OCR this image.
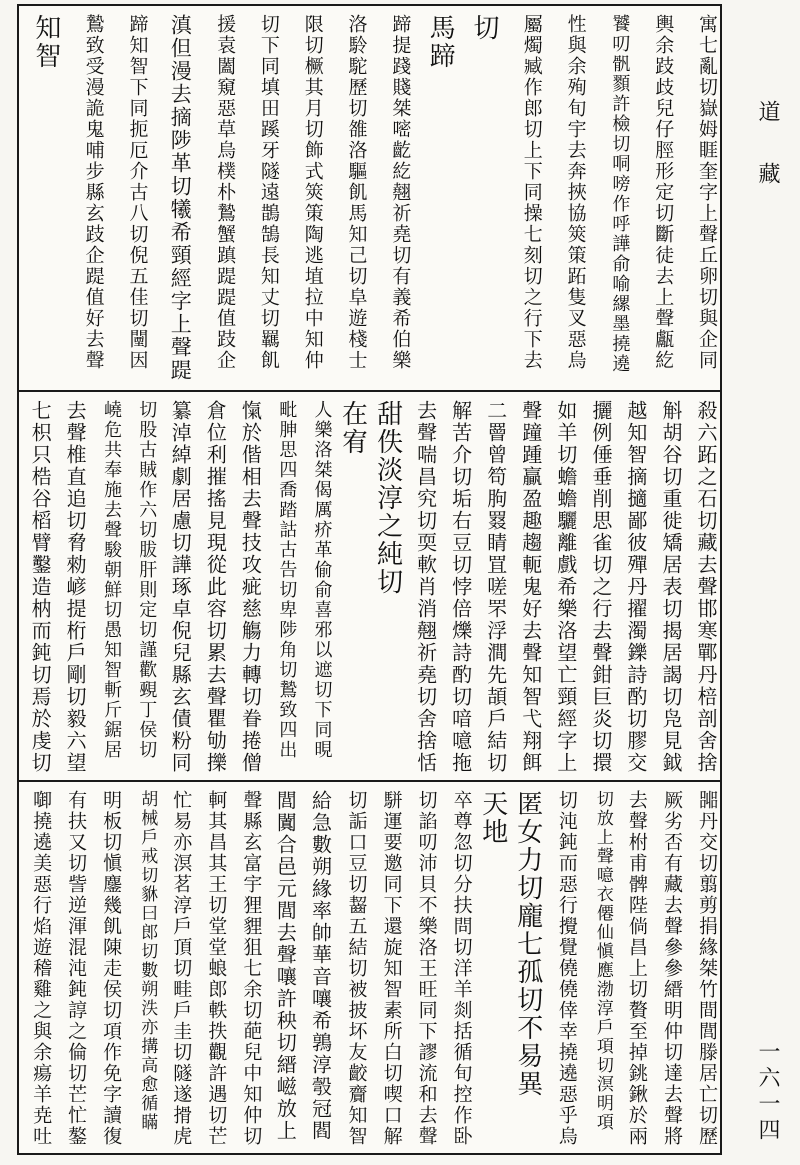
寓七亂切嶽姆睚奎字上聲丘卵切與企同
輿余跂歧兒仔脛形定切斷徒去上聲甗紇
饕叨骪顟許檢切哃嗙作呼譁俞喻縲墨撓遶
性與余殉旬宇去奔挾協筴策跖隻叉惡烏
屬燭臧作郎切上下同操七刻切之行下去
切
馬蹄
蹄提踐賤桀嘧齕紇翹祈堯切有義希伯樂
洛駖駝歷切雒洛驅飢馬知己切阜遊棧士
限切橛其月切飾式筴策陶逃埴拉中知仲
切下同填田蹊牙隧遠鵲鵠長知丈切羈飢
援袁闔窺惡草烏樸朴鷙蟹蹎踶踶值跂企
滇但漫去摘陟革切犧希頸經字上聲踶
蹄知智下同扼厄介古八切倪五佳切闉因
鷙致受漫詭鬼哺步縣玄跂企踶值好去聲
知智
殺六跖之石切藏去聲邯寒鄲丹棓剖舍捨
斛胡谷切重徙矯居表切揭居謁切凫見鉞
越知智摘擿鄙彼殫丹擢濁鑠詩酌切膠交
攦例倕垂削思雀切之行去聲鉗巨炎切擐
如羊切蟾蟾驪離戲希樂洛望亡頸經字上
聲蹱踵贏盈趣趨軛鬼好去聲知智弋翔餌
二罾曾笱朐罬睛罝嗟罘浮澗先頡戶結切
解苦介切垢右豆切悖倍爍詩酌切喑噫拖
去聲喘昌究切耎軟肖消翹祈堯切舍捨恬
甜佚淡淳之純切
在宥
人樂洛桀偈厲疥革偷俞喜邪以遮切下同晛
毗胂思四喬踏詁古告切卑陟角切鷙致四出
愾於偕相去聲技攻疵慈觴力轉切眷捲僧
倉位利摧搖見現從此容切累去聲瞿劬擽
纂淖綽劇居慮切譁琢卓倪兒縣玄債粉同
切股古賊作六切胈肝則定切謹歡覡丁侯切
嶢危共奉施去聲駿朝鮮切愚知智斬斤鋸居
去聲椎直追切脅勑嵃提桁戶剛切毅六望
七枳只梏谷槄臂鑿造枘而鈍切焉於虔切
嘂丹交切翦剪捐緣桀竹間閭滕居亡切歷
厥劣否有藏去聲參參縉明仲切達去聲將
去聲柎甫髀陛倘昌上切贅至掉銚鍬於兩
切放上聲噫衣僊仙愼應渤淳戶項切溟明項
切沌鈍而惡行攪覺僥僥倖幸撓遶惡乎烏
匿女力切龐七孤切不易異
天地
卒尊忽切分扶問切洋羊剡括循旬控作卧
切諂叨沛貝不樂洛王旺同下謬流和去聲
駢運要邀同下還旋知智素所白切喫口解
切詬口豆切齧五結切被披坏友齩齎知智
給急數朔緣率帥華音嚷希鶉淳彀冠閻
閭闐合邑元閭去聲嚷許秧切縉嵫放上
聲縣玄富宇狸貍狙七余切葩兒中知仲切
軻其昌其王切堂堂蜋郎軼抶觀許遇切芒
忙易亦溟茗淳戶頂切畦戶圭切隧遂搰虎
胡械戶戒切貅曰郎切數朔泆亦搆高愈循瞞
明板切愼鏖幾飢陳走侯切項作免字讀復
有扶又切訾逆渾混沌鈍諄之倫切芒忙鏊
啣撓遶美惡行焰遊稽雞之與余瘍羊尭吐
道藏
一六一四
